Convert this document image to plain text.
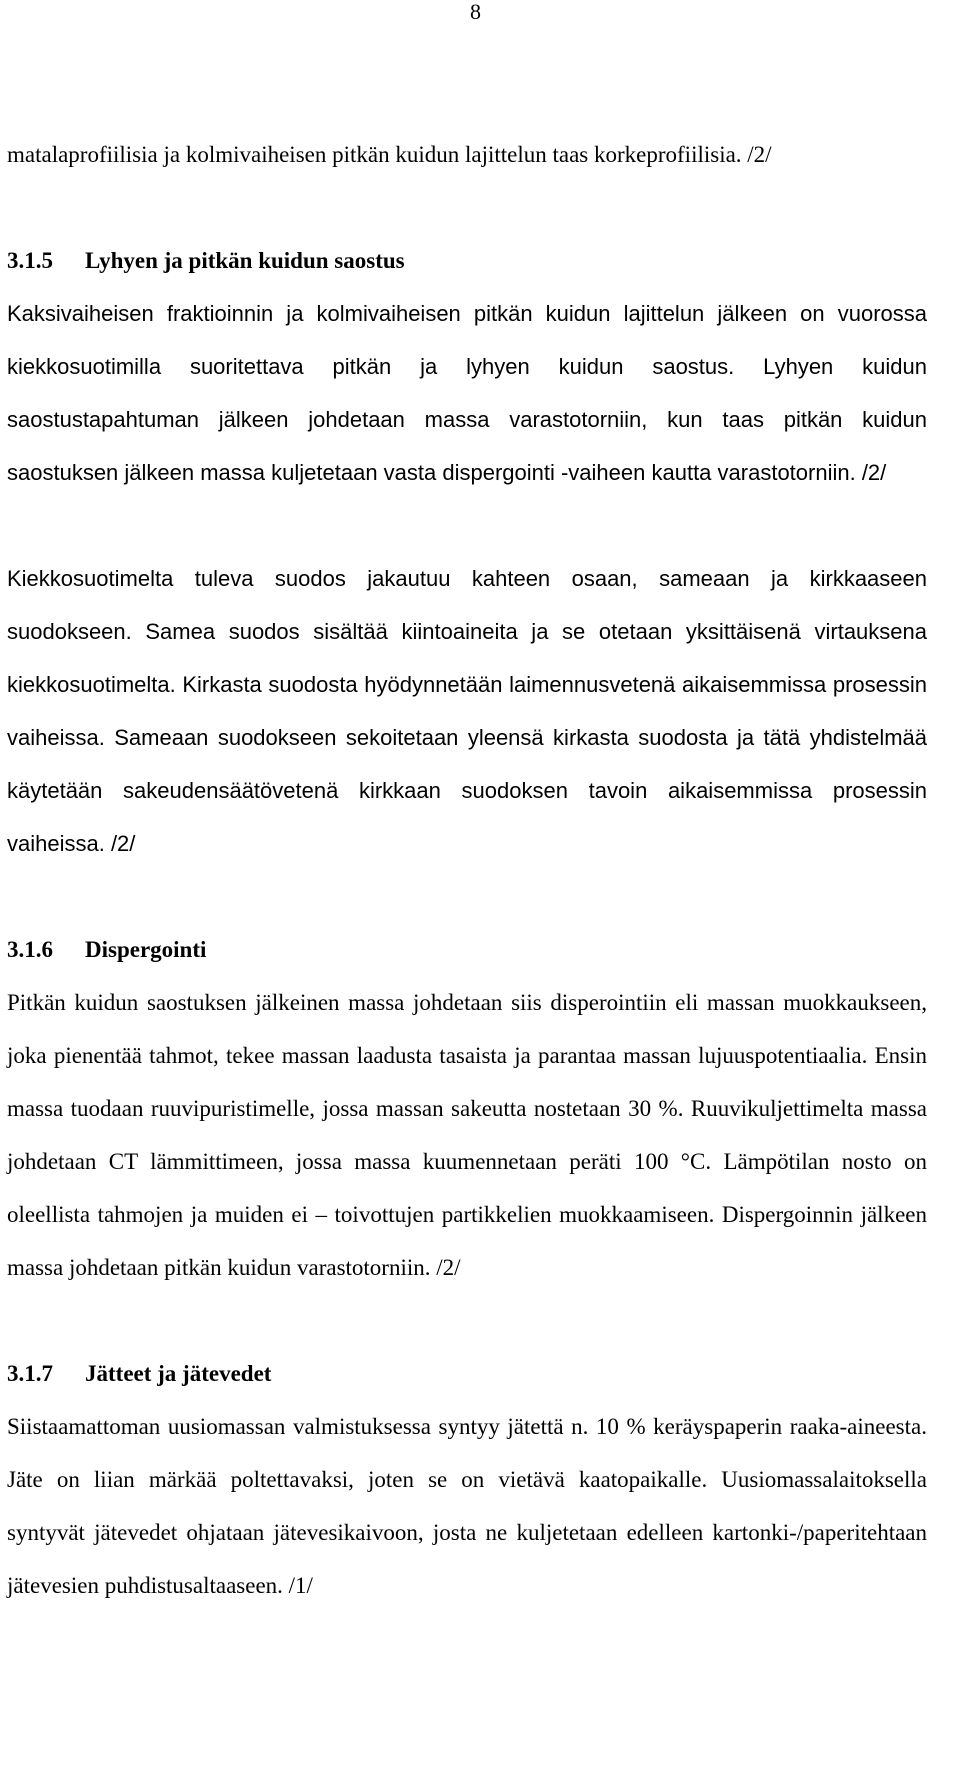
8

matalaprofiilisia ja kolmivaiheisen pitkän kuidun lajittelun taas korkeprofiilisia. /2/

3.1.5 Lyhyen ja pitkän kuidun saostus

Kaksivaiheisen fraktioinnin ja kolmivaiheisen pitkän kuidun lajittelun jälkeen on vuorossa kiekkosuotimilla suoritettava pitkän ja lyhyen kuidun saostus. Lyhyen kuidun saostustapahtuman jälkeen johdetaan massa varastotorniin, kun taas pitkän kuidun saostuksen jälkeen massa kuljetetaan vasta dispergointi -vaiheen kautta varastotorniin. /2/

Kiekkosuotimelta tuleva suodos jakautuu kahteen osaan, sameaan ja kirkkaaseen suodokseen. Samea suodos sisältää kiintoaineita ja se otetaan yksittäisenä virtauksena kiekkosuotimelta. Kirkasta suodosta hyödynnetään laimennusvetenä aikaisemmissa prosessin vaiheissa. Sameaan suodokseen sekoitetaan yleensä kirkasta suodosta ja tätä yhdistelmää käytetään sakeudensäätövetenä kirkkaan suodoksen tavoin aikaisemmissa prosessin vaiheissa. /2/

3.1.6 Dispergointi

Pitkän kuidun saostuksen jälkeinen massa johdetaan siis disperointiin eli massan muokkaukseen, joka pienentää tahmot, tekee massan laadusta tasaista ja parantaa massan lujuuspotentiaalia. Ensin massa tuodaan ruuvipuristimelle, jossa massan sakeutta nostetaan 30 %. Ruuvikuljettimelta massa johdetaan CT lämmittimeen, jossa massa kuumennetaan peräti 100 °C. Lämpötilan nosto on oleellista tahmojen ja muiden ei – toivottujen partikkelien muokkaamiseen. Dispergoinnin jälkeen massa johdetaan pitkän kuidun varastotorniin. /2/

3.1.7 Jätteet ja jätevedet

Siistaamattoman uusiomassan valmistuksessa syntyy jätettä n. 10 % keräyspaperin raaka-aineesta. Jäte on liian märkää poltettavaksi, joten se on vietävä kaatopaikalle. Uusiomassalaitoksella syntyvät jätevedet ohjataan jätevesikaivoon, josta ne kuljetetaan edelleen kartonki-/paperitehtaan jätevesien puhdistusaltaaseen. /1/
